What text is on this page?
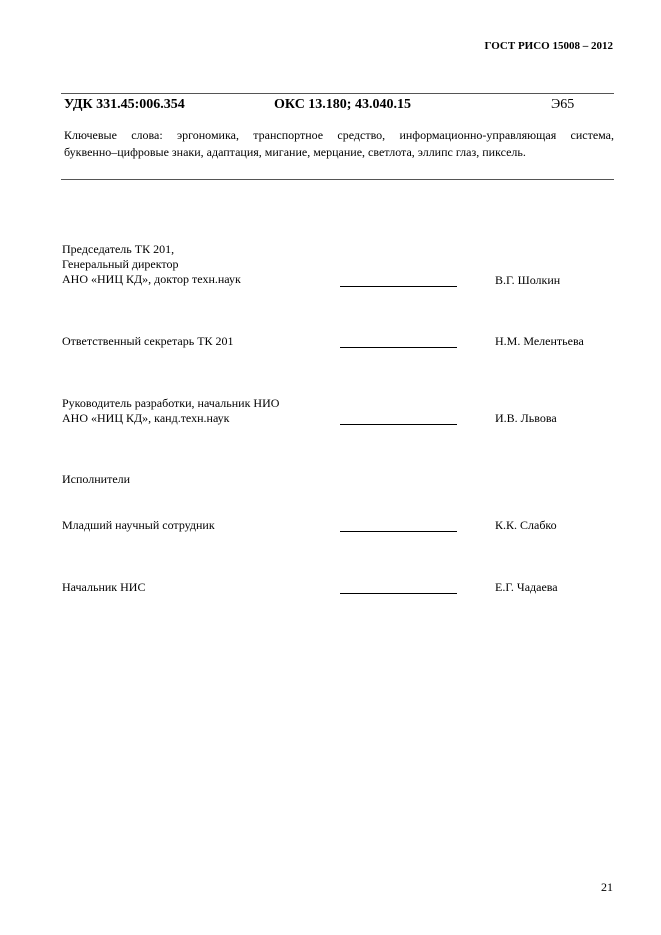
ГОСТ РИСО 15008 – 2012
УДК 331.45:006.354	ОКС 13.180; 43.040.15	Э65
Ключевые слова: эргономика, транспортное средство, информационно-управляющая система,
буквенно–цифровые знаки, адаптация, мигание, мерцание, светлота, эллипс глаз, пиксель.
Председатель ТК 201,
Генеральный директор
АНО «НИЦ КД», доктор техн.наук	В.Г. Шолкин
Ответственный секретарь ТК 201	Н.М. Мелентьева
Руководитель разработки, начальник НИО
АНО «НИЦ КД», канд.техн.наук	И.В. Львова
Исполнители
Младший научный сотрудник	К.К. Слабко
Начальник НИС	Е.Г. Чадаева
21
